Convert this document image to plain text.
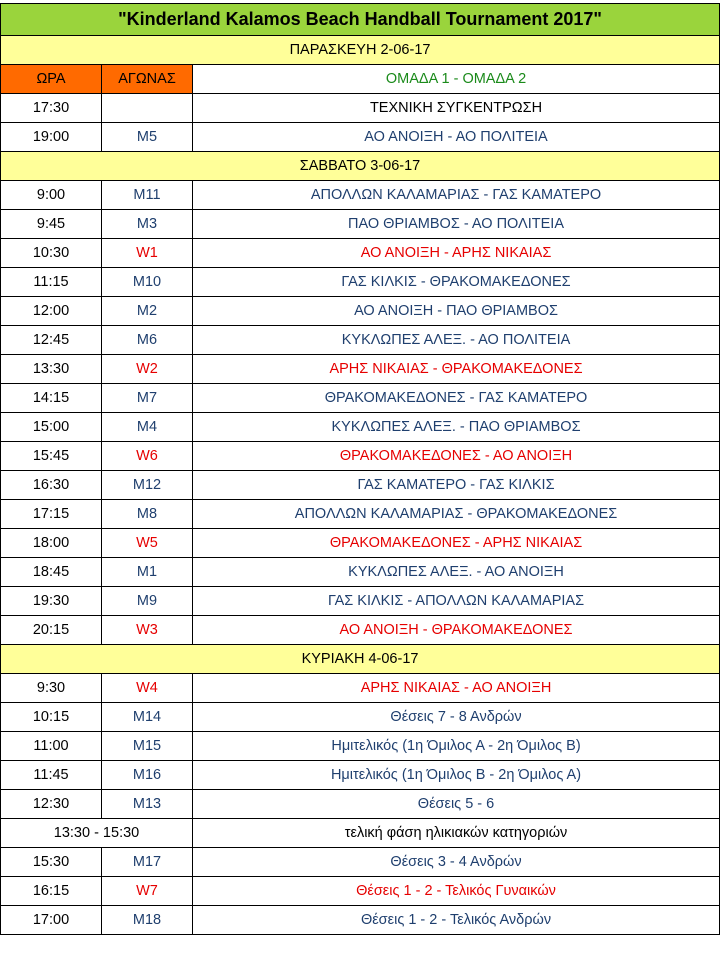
"Kinderland Kalamos Beach Handball Tournament 2017"		
ΠΑΡΑΣΚΕΥΗ 2-06-17		
ΩΡΑ	ΑΓΩΝΑΣ	ΟΜΑΔΑ 1 - ΟΜΑΔΑ 2
17:30		ΤΕΧΝΙΚΗ ΣΥΓΚΕΝΤΡΩΣΗ
19:00	M5	ΑΟ ΑΝΟΙΞΗ - ΑΟ ΠΟΛΙΤΕΙΑ
ΣΑΒΒΑΤΟ 3-06-17		
9:00	M11	ΑΠΟΛΛΩΝ ΚΑΛΑΜΑΡΙΑΣ - ΓΑΣ ΚΑΜΑΤΕΡΟ
9:45	M3	ΠΑΟ ΘΡΙΑΜΒΟΣ - ΑΟ ΠΟΛΙΤΕΙΑ
10:30	W1	ΑΟ ΑΝΟΙΞΗ - ΑΡΗΣ ΝΙΚΑΙΑΣ
11:15	M10	ΓΑΣ ΚΙΛΚΙΣ - ΘΡΑΚΟΜΑΚΕΔΟΝΕΣ
12:00	M2	ΑΟ ΑΝΟΙΞΗ - ΠΑΟ ΘΡΙΑΜΒΟΣ
12:45	M6	ΚΥΚΛΩΠΕΣ ΑΛΕΞ. - ΑΟ ΠΟΛΙΤΕΙΑ
13:30	W2	ΑΡΗΣ ΝΙΚΑΙΑΣ - ΘΡΑΚΟΜΑΚΕΔΟΝΕΣ
14:15	M7	ΘΡΑΚΟΜΑΚΕΔΟΝΕΣ - ΓΑΣ ΚΑΜΑΤΕΡΟ
15:00	M4	ΚΥΚΛΩΠΕΣ ΑΛΕΞ. - ΠΑΟ ΘΡΙΑΜΒΟΣ
15:45	W6	ΘΡΑΚΟΜΑΚΕΔΟΝΕΣ - ΑΟ ΑΝΟΙΞΗ
16:30	M12	ΓΑΣ ΚΑΜΑΤΕΡΟ - ΓΑΣ ΚΙΛΚΙΣ
17:15	M8	ΑΠΟΛΛΩΝ ΚΑΛΑΜΑΡΙΑΣ - ΘΡΑΚΟΜΑΚΕΔΟΝΕΣ
18:00	W5	ΘΡΑΚΟΜΑΚΕΔΟΝΕΣ - ΑΡΗΣ ΝΙΚΑΙΑΣ
18:45	M1	ΚΥΚΛΩΠΕΣ ΑΛΕΞ. - ΑΟ ΑΝΟΙΞΗ
19:30	M9	ΓΑΣ ΚΙΛΚΙΣ - ΑΠΟΛΛΩΝ ΚΑΛΑΜΑΡΙΑΣ
20:15	W3	ΑΟ ΑΝΟΙΞΗ - ΘΡΑΚΟΜΑΚΕΔΟΝΕΣ
ΚΥΡΙΑΚΗ 4-06-17		
9:30	W4	ΑΡΗΣ ΝΙΚΑΙΑΣ - ΑΟ ΑΝΟΙΞΗ
10:15	M14	Θέσεις 7 - 8 Ανδρών
11:00	M15	Ημιτελικός (1η Όμιλος Α - 2η Όμιλος Β)
11:45	M16	Ημιτελικός (1η Όμιλος Β - 2η Όμιλος Α)
12:30	M13	Θέσεις 5 - 6
13:30 - 15:30		τελική φάση ηλικιακών κατηγοριών
15:30	M17	Θέσεις 3 - 4 Ανδρών
16:15	W7	Θέσεις 1 - 2 - Τελικός Γυναικών
17:00	M18	Θέσεις 1 - 2 - Τελικός Ανδρών
